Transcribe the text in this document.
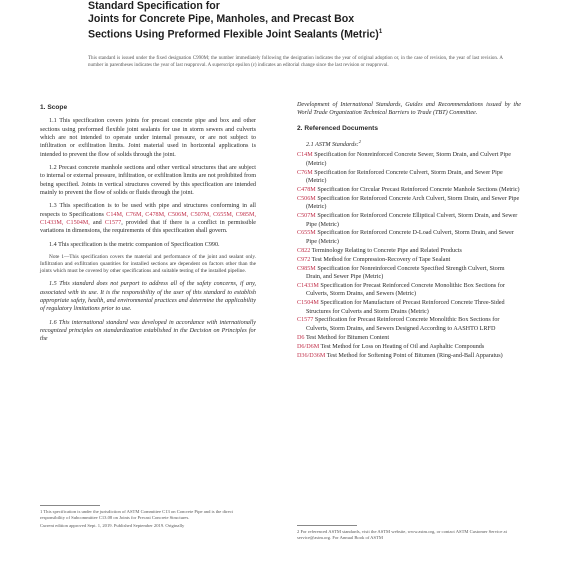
Standard Specification for
Joints for Concrete Pipe, Manholes, and Precast Box
Sections Using Preformed Flexible Joint Sealants (Metric)$^1$
This standard is issued under the fixed designation C990M; the number immediately following the designation indicates the year of original adoption or, in the case of revision, the year of last revision. A number in parentheses indicates the year of last reapproval. A superscript epsilon (ε) indicates an editorial change since the last revision or reapproval.
1. Scope
1.1 This specification covers joints for precast concrete pipe and box and other sections using preformed flexible joint sealants for use in storm sewers and culverts which are not intended to operate under internal pressure, or are not subject to infiltration or exfiltration limits. Joint material used in horizontal applications is intended to prevent the flow of solids through the joint.
1.2 Precast concrete manhole sections and other vertical structures that are subject to internal or external pressure, infiltration, or exfiltration limits are not prohibited from being specified. Joints in vertical structures covered by this specification are intended mainly to prevent the flow of solids or fluids through the joint.
1.3 This specification is to be used with pipe and structures conforming in all respects to Specifications C14M, C76M, C478M, C506M, C507M, C655M, C985M, C1433M, C1504M, and C1577, provided that if there is a conflict in permissible variations in dimensions, the requirements of this specification shall govern.
1.4 This specification is the metric companion of Specification C990.
Note 1—This specification covers the material and performance of the joint and sealant only. Infiltration and exfiltration quantities for installed sections are dependent on factors other than the joints which must be covered by other specifications and suitable testing of the installed pipeline.
1.5 This standard does not purport to address all of the safety concerns, if any, associated with its use. It is the responsibility of the user of this standard to establish appropriate safety, health, and environmental practices and determine the applicability of regulatory limitations prior to use.
1.6 This international standard was developed in accordance with internationally recognized principles on standardization established in the Decision on Principles for the
Development of International Standards, Guides and Recommendations issued by the World Trade Organization Technical Barriers to Trade (TBT) Committee.
2. Referenced Documents
2.1 ASTM Standards:$^2$
C14M Specification for Nonreinforced Concrete Sewer, Storm Drain, and Culvert Pipe (Metric)
C76M Specification for Reinforced Concrete Culvert, Storm Drain, and Sewer Pipe (Metric)
C478M Specification for Circular Precast Reinforced Concrete Manhole Sections (Metric)
C506M Specification for Reinforced Concrete Arch Culvert, Storm Drain, and Sewer Pipe (Metric)
C507M Specification for Reinforced Concrete Elliptical Culvert, Storm Drain, and Sewer Pipe (Metric)
C655M Specification for Reinforced Concrete D-Load Culvert, Storm Drain, and Sewer Pipe (Metric)
C822 Terminology Relating to Concrete Pipe and Related Products
C972 Test Method for Compression-Recovery of Tape Sealant
C985M Specification for Nonreinforced Concrete Specified Strength Culvert, Storm Drain, and Sewer Pipe (Metric)
C1433M Specification for Precast Reinforced Concrete Monolithic Box Sections for Culverts, Storm Drains, and Sewers (Metric)
C1504M Specification for Manufacture of Precast Reinforced Concrete Three-Sided Structures for Culverts and Storm Drains (Metric)
C1577 Specification for Precast Reinforced Concrete Monolithic Box Sections for Culverts, Storm Drains, and Sewers Designed According to AASHTO LRFD
D6 Test Method for Bitumen Content
D6/D6M Test Method for Loss on Heating of Oil and Asphaltic Compounds
D36/D36M Test Method for Softening Point of Bitumen (Ring-and-Ball Apparatus)
1 This specification is under the jurisdiction of ASTM Committee C13 on Concrete Pipe and is the direct responsibility of Subcommittee C13.08 on Joints for Precast Concrete Structures.
Current edition approved Sept. 1, 2019. Published September 2019. Originally
2 For referenced ASTM standards, visit the ASTM website, www.astm.org, or contact ASTM Customer Service at service@astm.org. For Annual Book of ASTM
